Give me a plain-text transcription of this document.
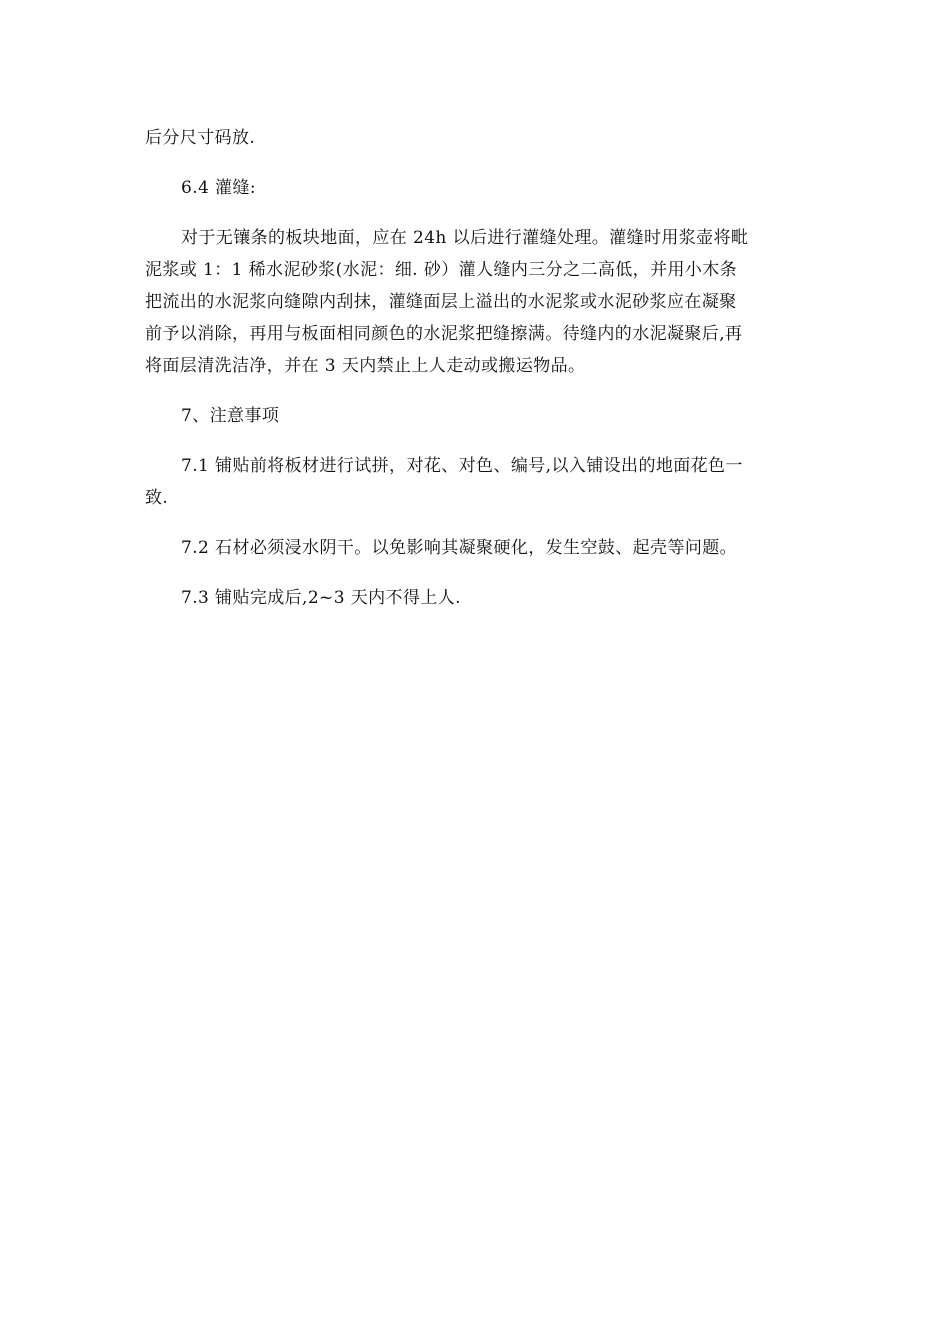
后分尺寸码放.

6.4 灌缝:

对于无镶条的板块地面，应在 24h 以后进行灌缝处理。灌缝时用浆壶将毗
泥浆或 1：1 稀水泥砂浆(水泥：细. 砂）灌人缝内三分之二高低，并用小木条
把流出的水泥浆向缝隙内刮抹，灌缝面层上溢出的水泥浆或水泥砂浆应在凝聚
前予以消除，再用与板面相同颜色的水泥浆把缝擦满。待缝内的水泥凝聚后,再
将面层清洗洁净，并在 3 天内禁止上人走动或搬运物品。

7、注意事项

7.1 铺贴前将板材进行试拼，对花、对色、编号,以入铺设出的地面花色一
致.

7.2 石材必须浸水阴干。以免影响其凝聚硬化，发生空鼓、起壳等问题。

7.3 铺贴完成后,2~3 天内不得上人.
